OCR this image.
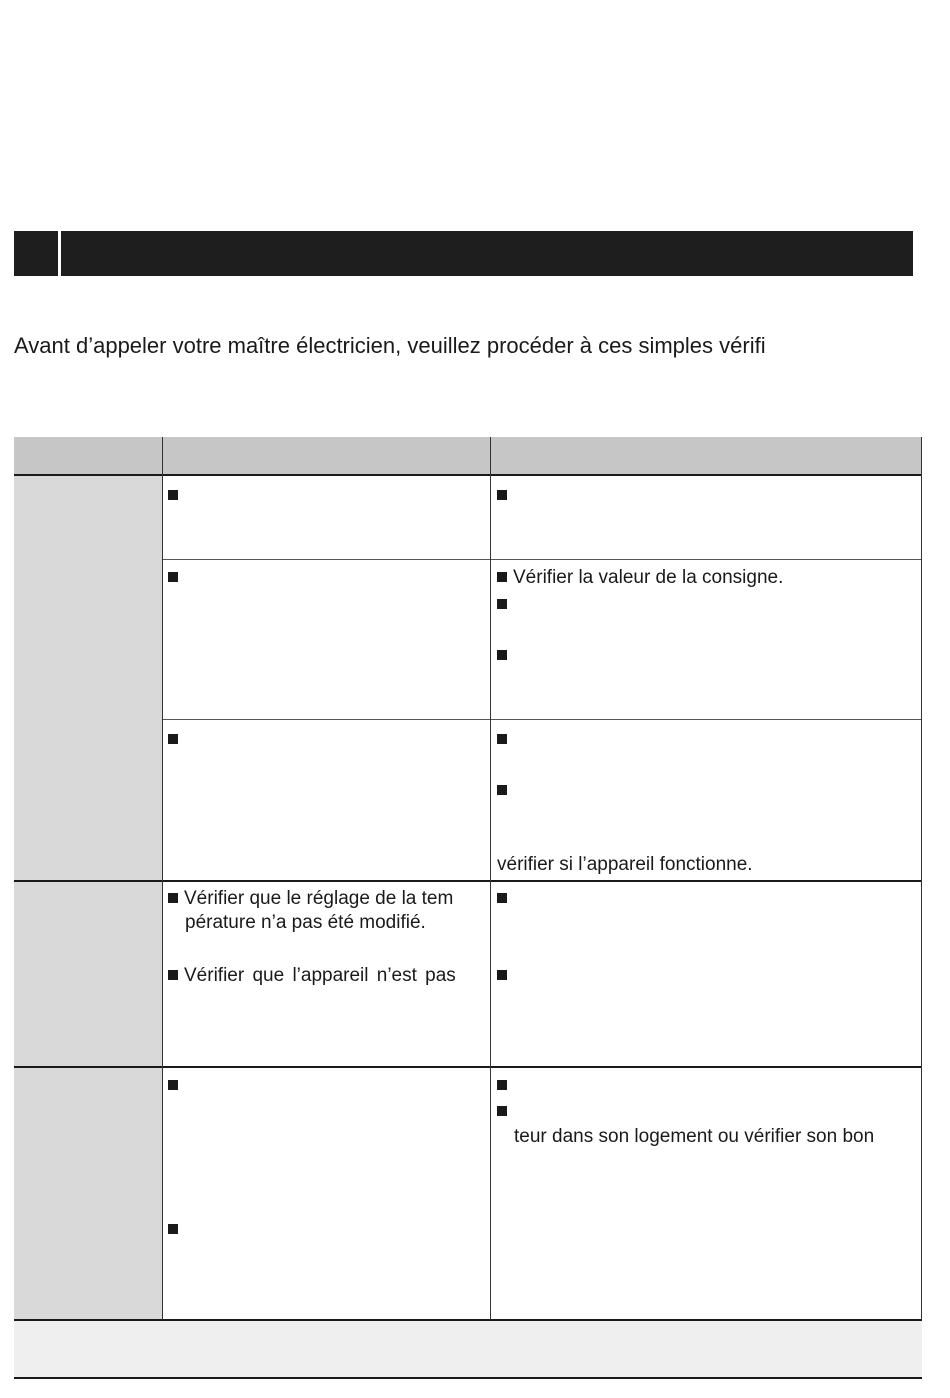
Avant d’appeler votre maître électricien, veuillez procéder à ces simples vérifi
Vérifier la valeur de la consigne.
vérifier si l’appareil fonctionne.
Vérifier que le réglage de la tem
pérature n’a pas été modifié.
Vérifier que l’appareil n’est pas
teur dans son logement ou vérifier son bon
